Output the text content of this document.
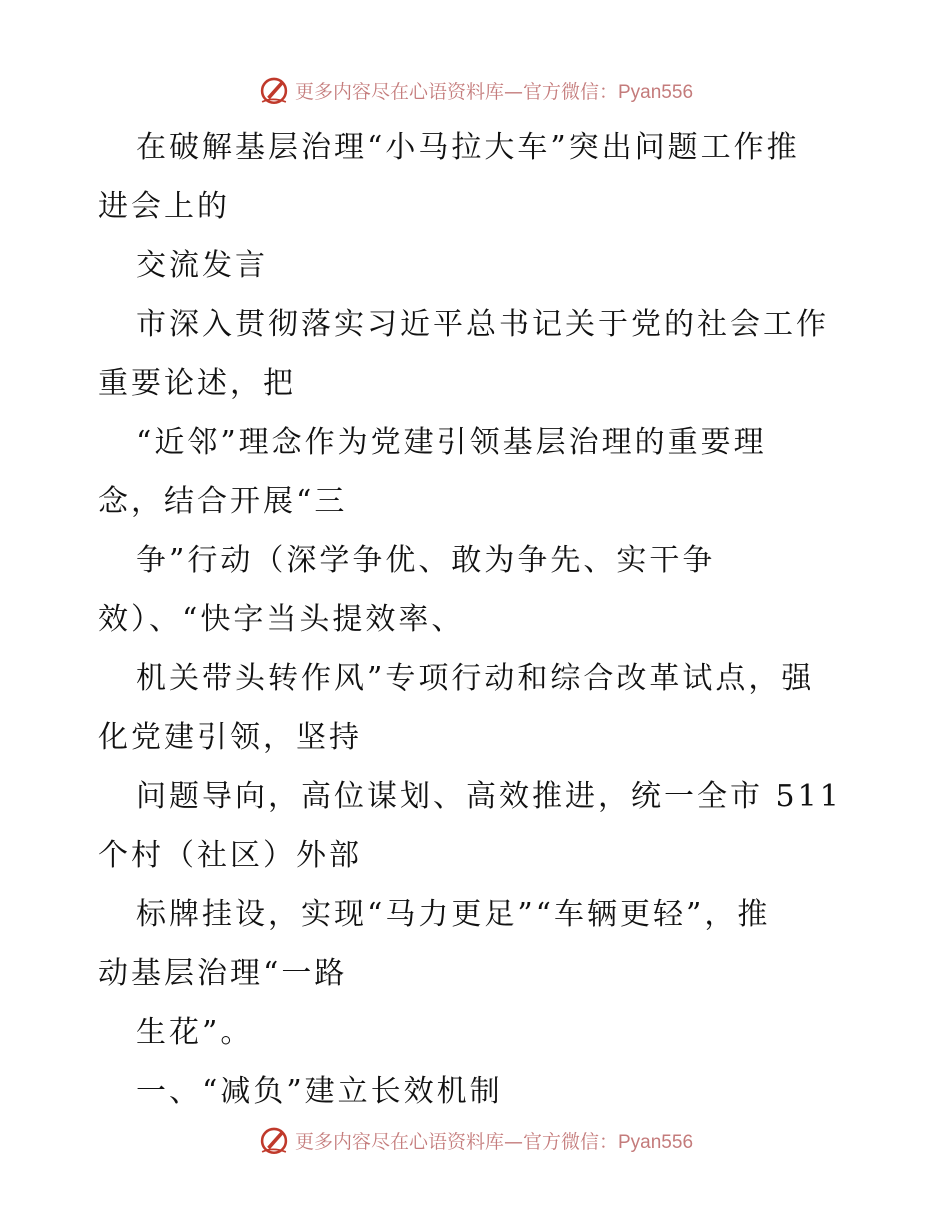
更多内容尽在心语资料库—官方微信：Pyan556
在破解基层治理“小马拉大车”突出问题工作推
进会上的
交流发言
市深入贯彻落实习近平总书记关于党的社会工作
重要论述，把
“近邻”理念作为党建引领基层治理的重要理
念，结合开展“三
争”行动（深学争优、敢为争先、实干争
效）、“快字当头提效率、
机关带头转作风”专项行动和综合改革试点，强
化党建引领，坚持
问题导向，高位谋划、高效推进，统一全市 511
个村（社区）外部
标牌挂设，实现“马力更足”“车辆更轻”，推
动基层治理“一路
生花”。
一、“减负”建立长效机制
更多内容尽在心语资料库—官方微信：Pyan556
